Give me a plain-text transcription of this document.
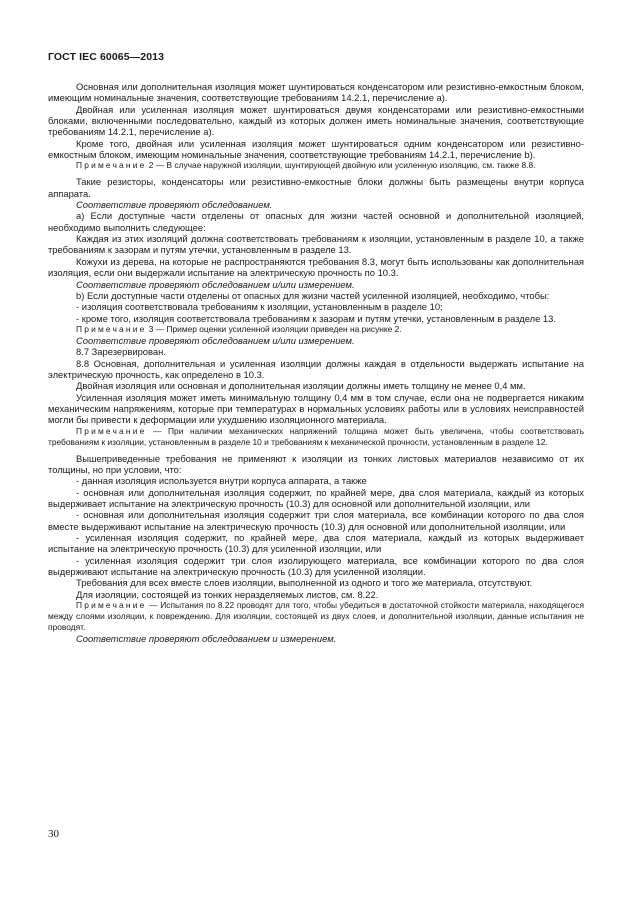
ГОСТ IEC 60065—2013

Основная или дополнительная изоляция может шунтироваться конденсатором или резистивно-емкостным блоком, имеющим номинальные значения, соответствующие требованиям 14.2.1, перечисление а).

Двойная или усиленная изоляция может шунтироваться двумя конденсаторами или резистивно-емкостными блоками, включенными последовательно, каждый из которых должен иметь номинальные значения, соответствующие требованиям 14.2.1, перечисление а).

Кроме того, двойная или усиленная изоляция может шунтироваться одним конденсатором или резистивно-емкостным блоком, имеющим номинальные значения, соответствующие требованиям 14.2.1, перечисление b).

Примечание 2 — В случае наружной изоляции, шунтирующей двойную или усиленную изоляцию, см. также 8.8.

Такие резисторы, конденсаторы или резистивно-емкостные блоки должны быть размещены внутри корпуса аппарата.

Соответствие проверяют обследованием.

а) Если доступные части отделены от опасных для жизни частей основной и дополнительной изоляцией, необходимо выполнить следующее:

Каждая из этих изоляций должна соответствовать требованиям к изоляции, установленным в разделе 10, а также требованиям к зазорам и путям утечки, установленным в разделе 13.

Кожухи из дерева, на которые не распространяются требования 8.3, могут быть использованы как дополнительная изоляция, если они выдержали испытание на электрическую прочность по 10.3.

Соответствие проверяют обследованием и/или измерением.

b) Если доступные части отделены от опасных для жизни частей усиленной изоляцией, необходимо, чтобы:

- изоляция соответствовала требованиям к изоляции, установленным в разделе 10;

- кроме того, изоляция соответствовала требованиям к зазорам и путям утечки, установленным в разделе 13.

Примечание 3 — Пример оценки усиленной изоляции приведен на рисунке 2.

Соответствие проверяют обследованием и/или измерением.

8.7 Зарезервирован.

8.8 Основная, дополнительная и усиленная изоляции должны каждая в отдельности выдержать испытание на электрическую прочность, как определено в 10.3.

Двойная изоляция или основная и дополнительная изоляции должны иметь толщину не менее 0,4 мм.

Усиленная изоляция может иметь минимальную толщину 0,4 мм в том случае, если она не подвергается никаким механическим напряжениям, которые при температурах в нормальных условиях работы или в условиях неисправностей могли бы привести к деформации или ухудшению изоляционного материала.

Примечание — При наличии механических напряжений толщина может быть увеличена, чтобы соответствовать требованиям к изоляции, установленным в разделе 10 и требованиям к механической прочности, установленным в разделе 12.

Вышеприведенные требования не применяют к изоляции из тонких листовых материалов независимо от их толщины, но при условии, что:

- данная изоляция используется внутри корпуса аппарата, а также

- основная или дополнительная изоляция содержит, по крайней мере, два слоя материала, каждый из которых выдерживает испытание на электрическую прочность (10.3) для основной или дополнительной изоляции, или

- основная или дополнительная изоляция содержит три слоя материала, все комбинации которого по два слоя вместе выдерживают испытание на электрическую прочность (10.3) для основной или дополнительной изоляции, или

- усиленная изоляция содержит, по крайней мере, два слоя материала, каждый из которых выдерживает испытание на электрическую прочность (10.3) для усиленной изоляции, или

- усиленная изоляция содержит три слоя изолирующего материала, все комбинации которого по два слоя выдерживают испытание на электрическую прочность (10.3) для усиленной изоляции.

Требования для всех вместе слоев изоляции, выполненной из одного и того же материала, отсутствуют.

Для изоляции, состоящей из тонких неразделяемых листов, см. 8.22.

Примечание — Испытания по 8.22 проводят для того, чтобы убедиться в достаточной стойкости материала, находящегося между слоями изоляции, к повреждению. Для изоляции, состоящей из двух слоев, и дополнительной изоляции, данные испытания не проводят.

Соответствие проверяют обследованием и измерением.

30
